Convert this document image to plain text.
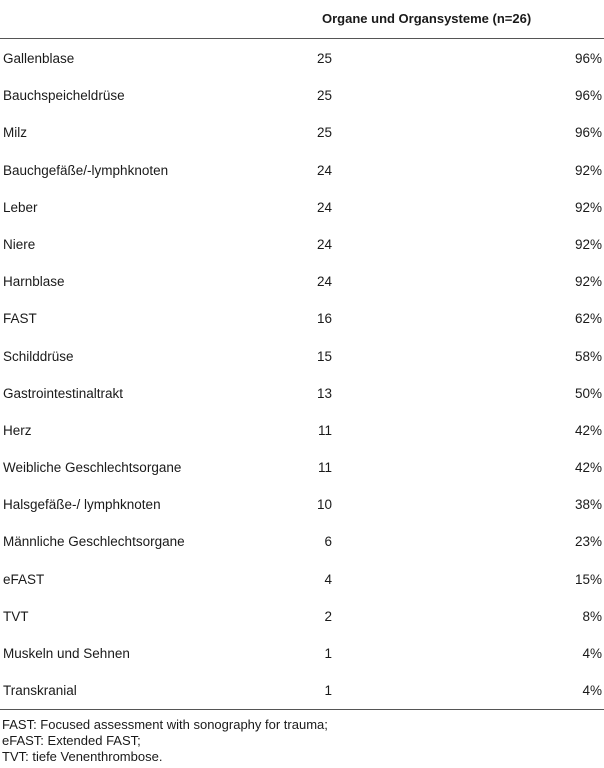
Organe und Organsysteme (n=26)
Gallenblase	25	96%
Bauchspeicheldrüse	25	96%
Milz	25	96%
Bauchgefäße/-lymphknoten	24	92%
Leber	24	92%
Niere	24	92%
Harnblase	24	92%
FAST	16	62%
Schilddrüse	15	58%
Gastrointestinaltrakt	13	50%
Herz	11	42%
Weibliche Geschlechtsorgane	11	42%
Halsgefäße-/ lymphknoten	10	38%
Männliche Geschlechtsorgane	6	23%
eFAST	4	15%
TVT	2	8%
Muskeln und Sehnen	1	4%
Transkranial	1	4%
FAST: Focused assessment with sonography for trauma;
eFAST: Extended FAST;
TVT: tiefe Venenthrombose.
